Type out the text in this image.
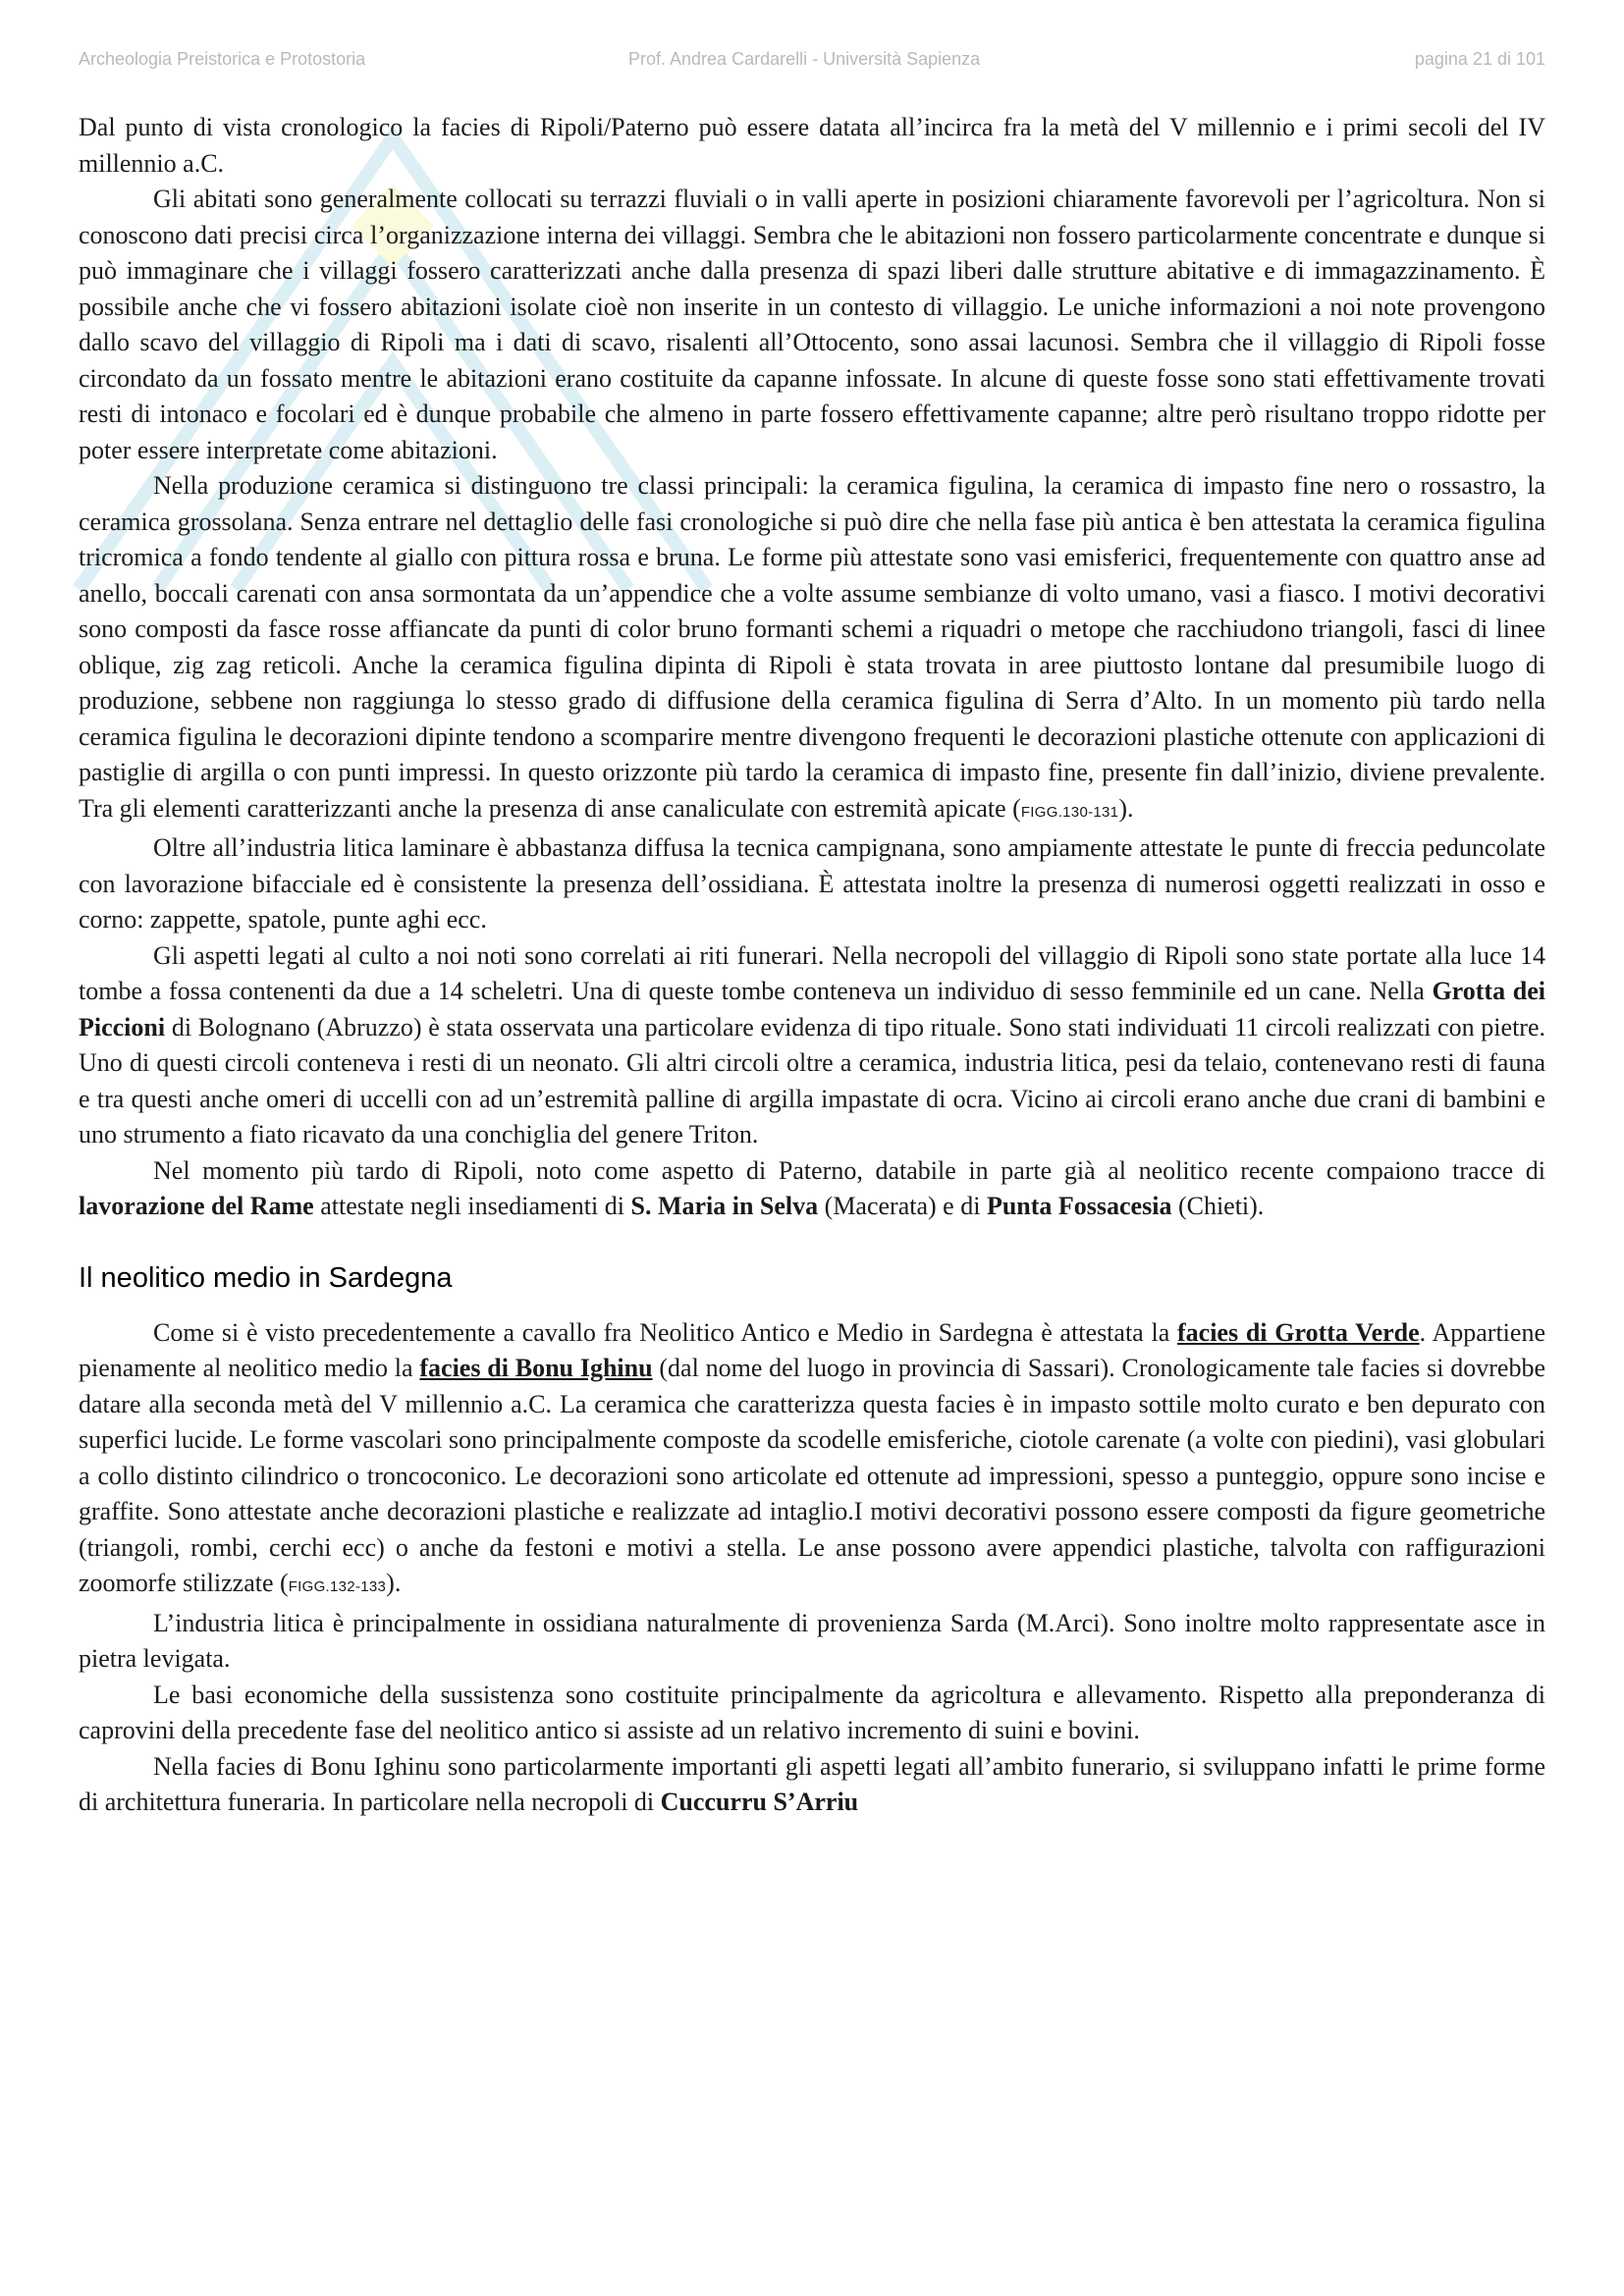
Archeologia Preistorica e Protostoria	Prof. Andrea Cardarelli - Università Sapienza	pagina 21 di 101

Dal punto di vista cronologico la facies di Ripoli/Paterno può essere datata all’incirca fra la metà del V millennio e i primi secoli del IV millennio a.C.

Gli abitati sono generalmente collocati su terrazzi fluviali o in valli aperte in posizioni chiaramente favorevoli per l’agricoltura. Non si conoscono dati precisi circa l’organizzazione interna dei villaggi. Sembra che le abitazioni non fossero particolarmente concentrate e dunque si può immaginare che i villaggi fossero caratterizzati anche dalla presenza di spazi liberi dalle strutture abitative e di immagazzinamento. È possibile anche che vi fossero abitazioni isolate cioè non inserite in un contesto di villaggio. Le uniche informazioni a noi note provengono dallo scavo del villaggio di Ripoli ma i dati di scavo, risalenti all’Ottocento, sono assai lacunosi. Sembra che il villaggio di Ripoli fosse circondato da un fossato mentre le abitazioni erano costituite da capanne infossate. In alcune di queste fosse sono stati effettivamente trovati resti di intonaco e focolari ed è dunque probabile che almeno in parte fossero effettivamente capanne; altre però risultano troppo ridotte per poter essere interpretate come abitazioni.

Nella produzione ceramica si distinguono tre classi principali: la ceramica figulina, la ceramica di impasto fine nero o rossastro, la ceramica grossolana. Senza entrare nel dettaglio delle fasi cronologiche si può dire che nella fase più antica è ben attestata la ceramica figulina tricromica a fondo tendente al giallo con pittura rossa e bruna. Le forme più attestate sono vasi emisferici, frequentemente con quattro anse ad anello, boccali carenati con ansa sormontata da un’appendice che a volte assume sembianze di volto umano, vasi a fiasco. I motivi decorativi sono composti da fasce rosse affiancate da punti di color bruno formanti schemi a riquadri o metope che racchiudono triangoli, fasci di linee oblique, zig zag reticoli. Anche la ceramica figulina dipinta di Ripoli è stata trovata in aree piuttosto lontane dal presumibile luogo di produzione, sebbene non raggiunga lo stesso grado di diffusione della ceramica figulina di Serra d’Alto. In un momento più tardo nella ceramica figulina le decorazioni dipinte tendono a scomparire mentre divengono frequenti le decorazioni plastiche ottenute con applicazioni di pastiglie di argilla o con punti impressi. In questo orizzonte più tardo la ceramica di impasto fine, presente fin dall’inizio, diviene prevalente. Tra gli elementi caratterizzanti anche la presenza di anse canaliculate con estremità apicate (FIGG.130-131).

Oltre all’industria litica laminare è abbastanza diffusa la tecnica campignana, sono ampiamente attestate le punte di freccia peduncolate con lavorazione bifacciale ed è consistente la presenza dell’ossidiana. È attestata inoltre la presenza di numerosi oggetti realizzati in osso e corno: zappette, spatole, punte aghi ecc.

Gli aspetti legati al culto a noi noti sono correlati ai riti funerari. Nella necropoli del villaggio di Ripoli sono state portate alla luce 14 tombe a fossa contenenti da due a 14 scheletri. Una di queste tombe conteneva un individuo di sesso femminile ed un cane. Nella Grotta dei Piccioni di Bolognano (Abruzzo) è stata osservata una particolare evidenza di tipo rituale. Sono stati individuati 11 circoli realizzati con pietre. Uno di questi circoli conteneva i resti di un neonato. Gli altri circoli oltre a ceramica, industria litica, pesi da telaio, contenevano resti di fauna e tra questi anche omeri di uccelli con ad un’estremità palline di argilla impastate di ocra. Vicino ai circoli erano anche due crani di bambini e uno strumento a fiato ricavato da una conchiglia del genere Triton.

Nel momento più tardo di Ripoli, noto come aspetto di Paterno, databile in parte già al neolitico recente compaiono tracce di lavorazione del Rame attestate negli insediamenti di S. Maria in Selva (Macerata) e di Punta Fossacesia (Chieti).

Il neolitico medio in Sardegna

Come si è visto precedentemente a cavallo fra Neolitico Antico e Medio in Sardegna è attestata la facies di Grotta Verde. Appartiene pienamente al neolitico medio la facies di Bonu Ighinu (dal nome del luogo in provincia di Sassari). Cronologicamente tale facies si dovrebbe datare alla seconda metà del V millennio a.C. La ceramica che caratterizza questa facies è in impasto sottile molto curato e ben depurato con superfici lucide. Le forme vascolari sono principalmente composte da scodelle emisferiche, ciotole carenate (a volte con piedini), vasi globulari a collo distinto cilindrico o troncoconico. Le decorazioni sono articolate ed ottenute ad impressioni, spesso a punteggio, oppure sono incise e graffite. Sono attestate anche decorazioni plastiche e realizzate ad intaglio.I motivi decorativi possono essere composti da figure geometriche (triangoli, rombi, cerchi ecc) o anche da festoni e motivi a stella. Le anse possono avere appendici plastiche, talvolta con raffigurazioni zoomorfe stilizzate (FIGG.132-133).

L’industria litica è principalmente in ossidiana naturalmente di provenienza Sarda (M.Arci). Sono inoltre molto rappresentate asce in pietra levigata.

Le basi economiche della sussistenza sono costituite principalmente da agricoltura e allevamento. Rispetto alla preponderanza di caprovini della precedente fase del neolitico antico si assiste ad un relativo incremento di suini e bovini.

Nella facies di Bonu Ighinu sono particolarmente importanti gli aspetti legati all’ambito funerario, si sviluppano infatti le prime forme di architettura funeraria. In particolare nella necropoli di Cuccurru S’Arriu
